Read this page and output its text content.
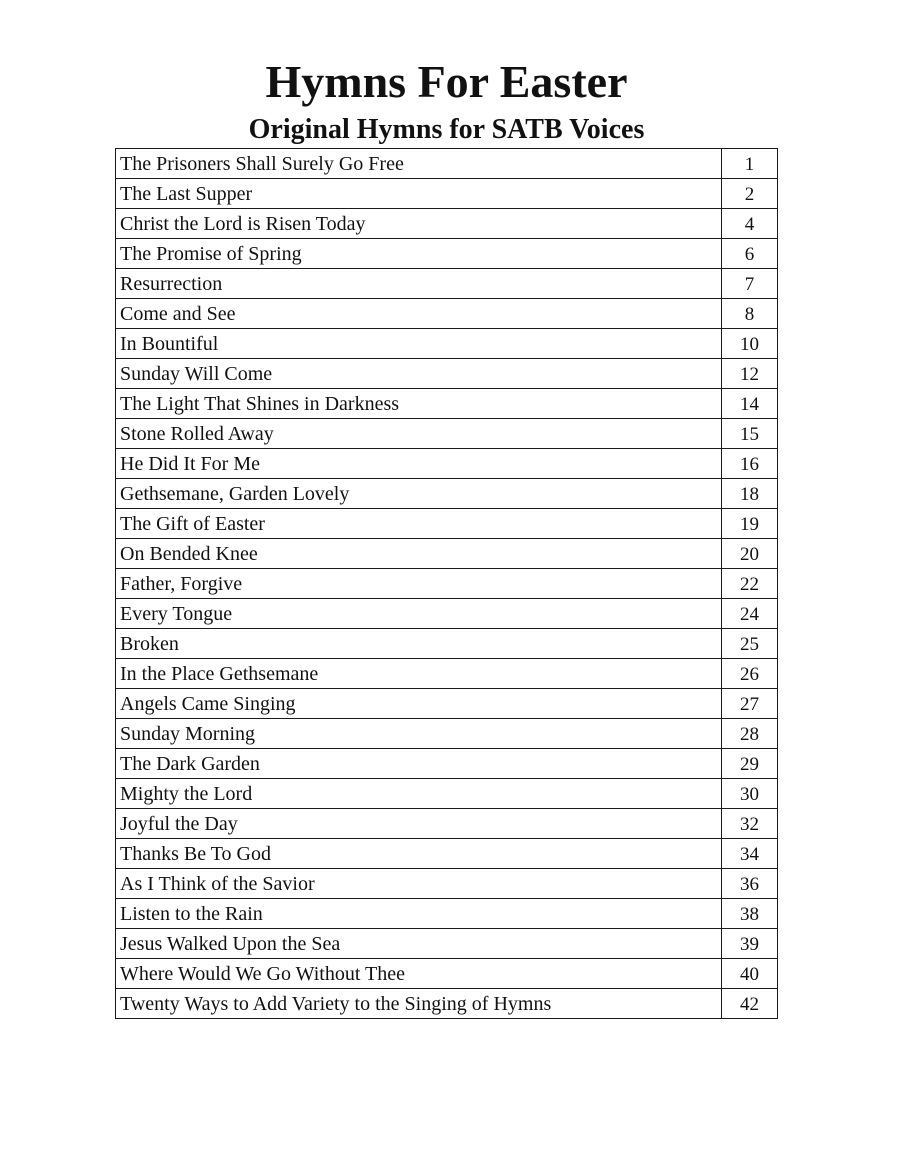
Hymns For Easter
Original Hymns for SATB Voices
The Prisoners Shall Surely Go Free	1
The Last Supper	2
Christ the Lord is Risen Today	4
The Promise of Spring	6
Resurrection	7
Come and See	8
In Bountiful	10
Sunday Will Come	12
The Light That Shines in Darkness	14
Stone Rolled Away	15
He Did It For Me	16
Gethsemane, Garden Lovely	18
The Gift of Easter	19
On Bended Knee	20
Father, Forgive	22
Every Tongue	24
Broken	25
In the Place Gethsemane	26
Angels Came Singing	27
Sunday Morning	28
The Dark Garden	29
Mighty the Lord	30
Joyful the Day	32
Thanks Be To God	34
As I Think of the Savior	36
Listen to the Rain	38
Jesus Walked Upon the Sea	39
Where Would We Go Without Thee	40
Twenty Ways to Add Variety to the Singing of Hymns	42
